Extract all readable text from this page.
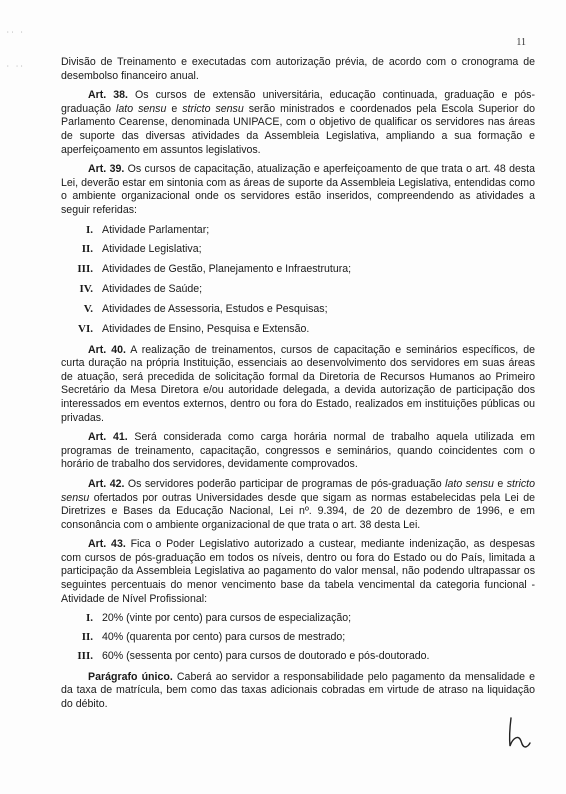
·· ·
· ··
11

Divisão de Treinamento e executadas com autorização prévia, de acordo com o cronograma de desembolso financeiro anual.

Art. 38. Os cursos de extensão universitária, educação continuada, graduação e pós-graduação lato sensu e stricto sensu serão ministrados e coordenados pela Escola Superior do Parlamento Cearense, denominada UNIPACE, com o objetivo de qualificar os servidores nas áreas de suporte das diversas atividades da Assembleia Legislativa, ampliando a sua formação e aperfeiçoamento em assuntos legislativos.

Art. 39. Os cursos de capacitação, atualização e aperfeiçoamento de que trata o art. 48 desta Lei, deverão estar em sintonia com as áreas de suporte da Assembleia Legislativa, entendidas como o ambiente organizacional onde os servidores estão inseridos, compreendendo as atividades a seguir referidas:

I. Atividade Parlamentar;
II. Atividade Legislativa;
III. Atividades de Gestão, Planejamento e Infraestrutura;
IV. Atividades de Saúde;
V. Atividades de Assessoria, Estudos e Pesquisas;
VI. Atividades de Ensino, Pesquisa e Extensão.

Art. 40. A realização de treinamentos, cursos de capacitação e seminários específicos, de curta duração na própria Instituição, essenciais ao desenvolvimento dos servidores em suas áreas de atuação, será precedida de solicitação formal da Diretoria de Recursos Humanos ao Primeiro Secretário da Mesa Diretora e/ou autoridade delegada, a devida autorização de participação dos interessados em eventos externos, dentro ou fora do Estado, realizados em instituições públicas ou privadas.

Art. 41. Será considerada como carga horária normal de trabalho aquela utilizada em programas de treinamento, capacitação, congressos e seminários, quando coincidentes com o horário de trabalho dos servidores, devidamente comprovados.

Art. 42. Os servidores poderão participar de programas de pós-graduação lato sensu e stricto sensu ofertados por outras Universidades desde que sigam as normas estabelecidas pela Lei de Diretrizes e Bases da Educação Nacional, Lei nº. 9.394, de 20 de dezembro de 1996, e em consonância com o ambiente organizacional de que trata o art. 38 desta Lei.

Art. 43. Fica o Poder Legislativo autorizado a custear, mediante indenização, as despesas com cursos de pós-graduação em todos os níveis, dentro ou fora do Estado ou do País, limitada a participação da Assembleia Legislativa ao pagamento do valor mensal, não podendo ultrapassar os seguintes percentuais do menor vencimento base da tabela vencimental da categoria funcional - Atividade de Nível Profissional:

I. 20% (vinte por cento) para cursos de especialização;
II. 40% (quarenta por cento) para cursos de mestrado;
III. 60% (sessenta por cento) para cursos de doutorado e pós-doutorado.

Parágrafo único. Caberá ao servidor a responsabilidade pelo pagamento da mensalidade e da taxa de matrícula, bem como das taxas adicionais cobradas em virtude de atraso na liquidação do débito.
